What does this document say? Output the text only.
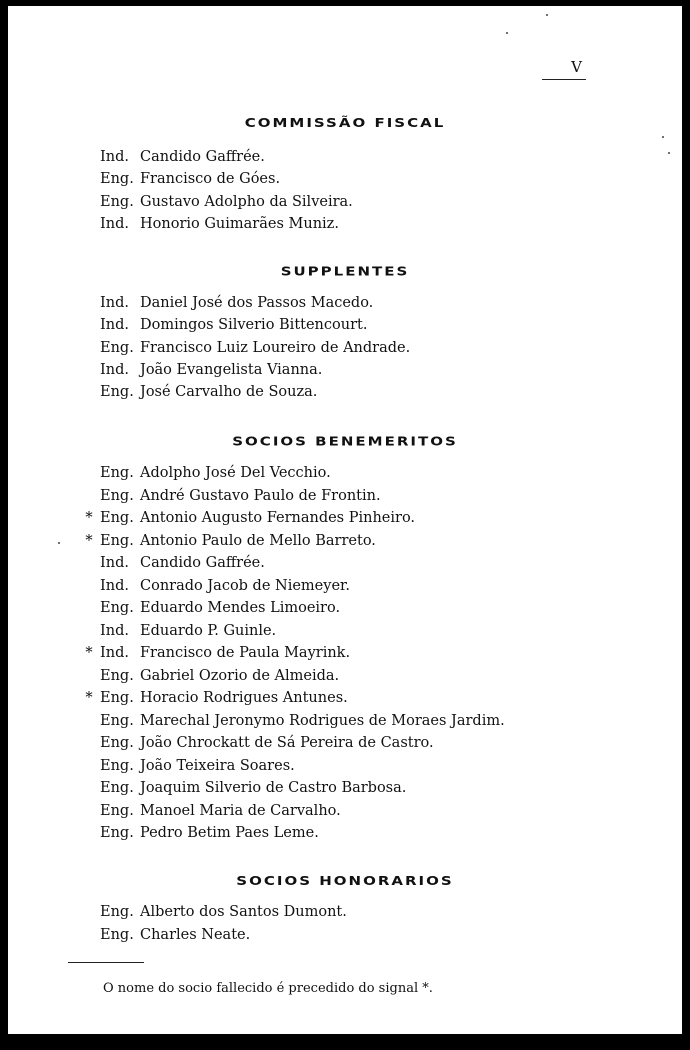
V
COMMISSÃO FISCAL
Ind. Candido Gaffrée.
Eng. Francisco de Góes.
Eng. Gustavo Adolpho da Silveira.
Ind. Honorio Guimarães Muniz.
SUPPLENTES
Ind. Daniel José dos Passos Macedo.
Ind. Domingos Silverio Bittencourt.
Eng. Francisco Luiz Loureiro de Andrade.
Ind. João Evangelista Vianna.
Eng. José Carvalho de Souza.
SOCIOS BENEMERITOS
Eng. Adolpho José Del Vecchio.
Eng. André Gustavo Paulo de Frontin.
* Eng. Antonio Augusto Fernandes Pinheiro.
* Eng. Antonio Paulo de Mello Barreto.
Ind. Candido Gaffrée.
Ind. Conrado Jacob de Niemeyer.
Eng. Eduardo Mendes Limoeiro.
Ind. Eduardo P. Guinle.
* Ind. Francisco de Paula Mayrink.
Eng. Gabriel Ozorio de Almeida.
* Eng. Horacio Rodrigues Antunes.
Eng. Marechal Jeronymo Rodrigues de Moraes Jardim.
Eng. João Chrockatt de Sá Pereira de Castro.
Eng. João Teixeira Soares.
Eng. Joaquim Silverio de Castro Barbosa.
Eng. Manoel Maria de Carvalho.
Eng. Pedro Betim Paes Leme.
SOCIOS HONORARIOS
Eng. Alberto dos Santos Dumont.
Eng. Charles Neate.
O nome do socio fallecido é precedido do signal *.
